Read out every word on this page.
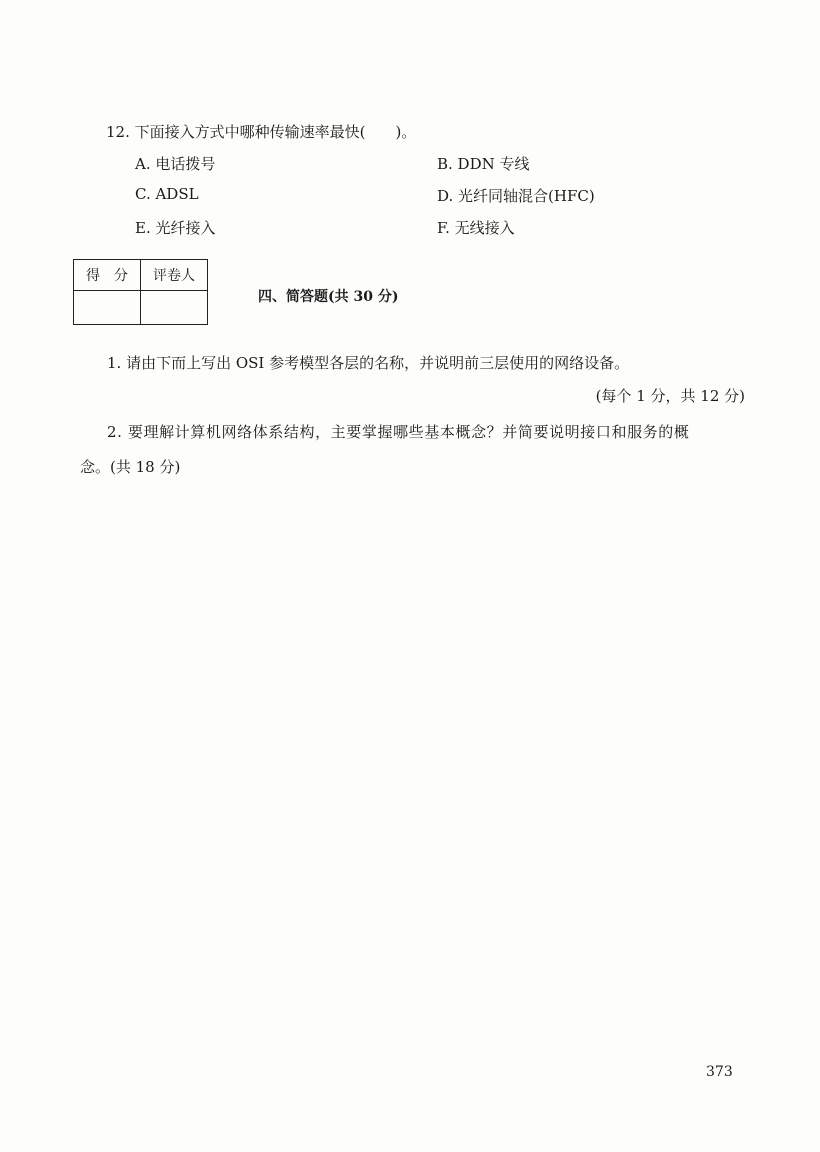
12. 下面接入方式中哪种传输速率最快(　　)。
A. 电话拨号	B. DDN 专线
C. ADSL	D. 光纤同轴混合(HFC)
E. 光纤接入	F. 无线接入
得　分	评卷人

四、简答题(共 30 分)
1. 请由下而上写出 OSI 参考模型各层的名称，并说明前三层使用的网络设备。
(每个 1 分，共 12 分)
2. 要理解计算机网络体系结构，主要掌握哪些基本概念？并简要说明接口和服务的概
念。(共 18 分)
373
